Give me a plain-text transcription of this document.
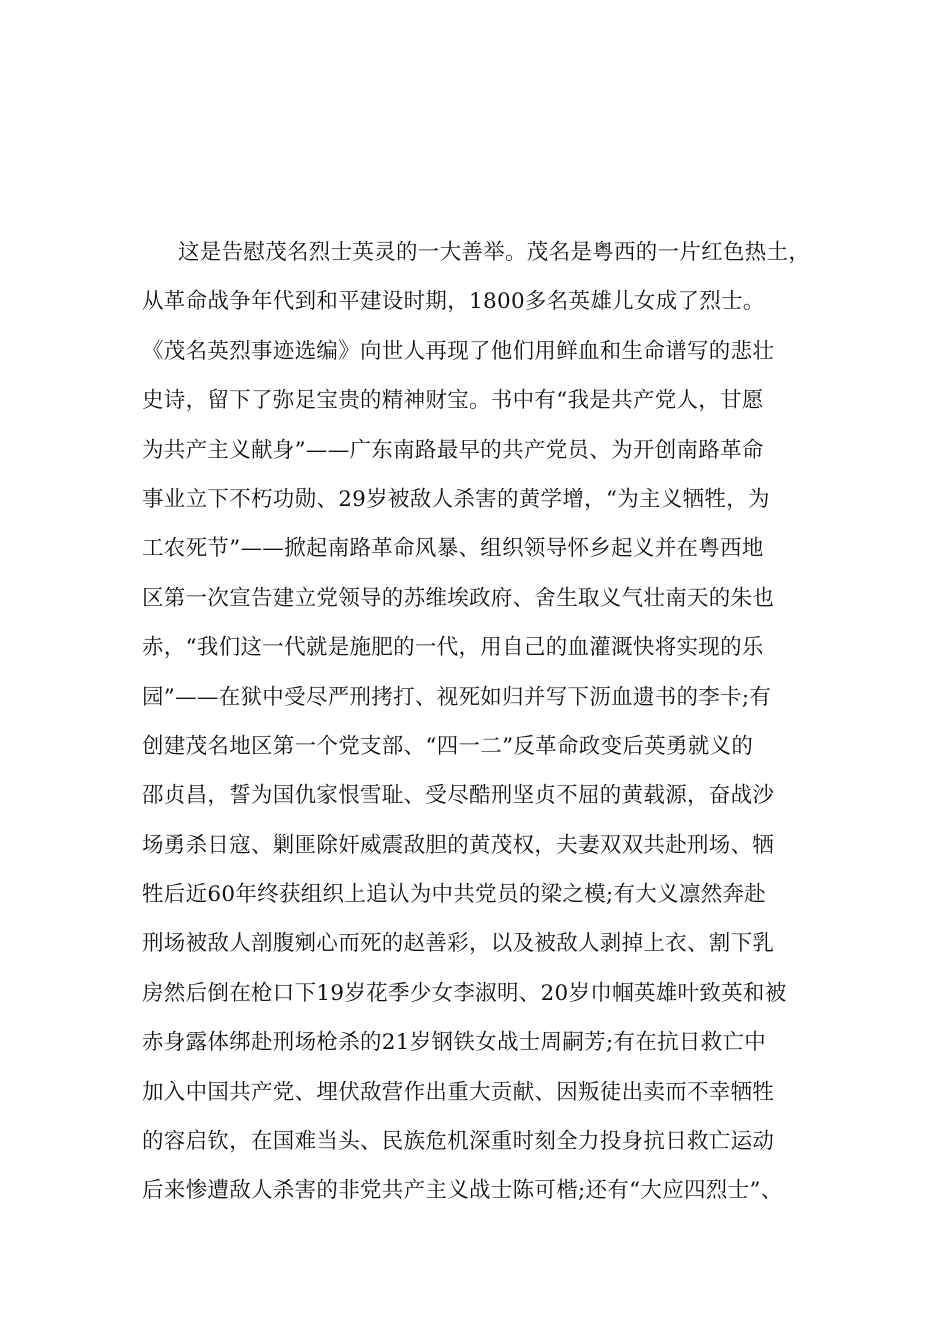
这是告慰茂名烈士英灵的一大善举。茂名是粤西的一片红色热土，
从革命战争年代到和平建设时期，1800多名英雄儿女成了烈士。
《茂名英烈事迹选编》向世人再现了他们用鲜血和生命谱写的悲壮
史诗，留下了弥足宝贵的精神财宝。书中有“我是共产党人，甘愿
为共产主义献身”——广东南路最早的共产党员、为开创南路革命
事业立下不朽功勋、29岁被敌人杀害的黄学增，“为主义牺牲，为
工农死节”——掀起南路革命风暴、组织领导怀乡起义并在粤西地
区第一次宣告建立党领导的苏维埃政府、舍生取义气壮南天的朱也
赤，“我们这一代就是施肥的一代，用自己的血灌溉快将实现的乐
园”——在狱中受尽严刑拷打、视死如归并写下沥血遗书的李卡;有
创建茂名地区第一个党支部、“四一二”反革命政变后英勇就义的
邵贞昌，誓为国仇家恨雪耻、受尽酷刑坚贞不屈的黄载源，奋战沙
场勇杀日寇、剿匪除奸威震敌胆的黄茂权，夫妻双双共赴刑场、牺
牲后近60年终获组织上追认为中共党员的梁之模;有大义凛然奔赴
刑场被敌人剖腹剜心而死的赵善彩，以及被敌人剥掉上衣、割下乳
房然后倒在枪口下19岁花季少女李淑明、20岁巾帼英雄叶致英和被
赤身露体绑赴刑场枪杀的21岁钢铁女战士周嗣芳;有在抗日救亡中
加入中国共产党、埋伏敌营作出重大贡献、因叛徒出卖而不幸牺牲
的容启钦，在国难当头、民族危机深重时刻全力投身抗日救亡运动
后来惨遭敌人杀害的非党共产主义战士陈可楷;还有“大应四烈士”、
